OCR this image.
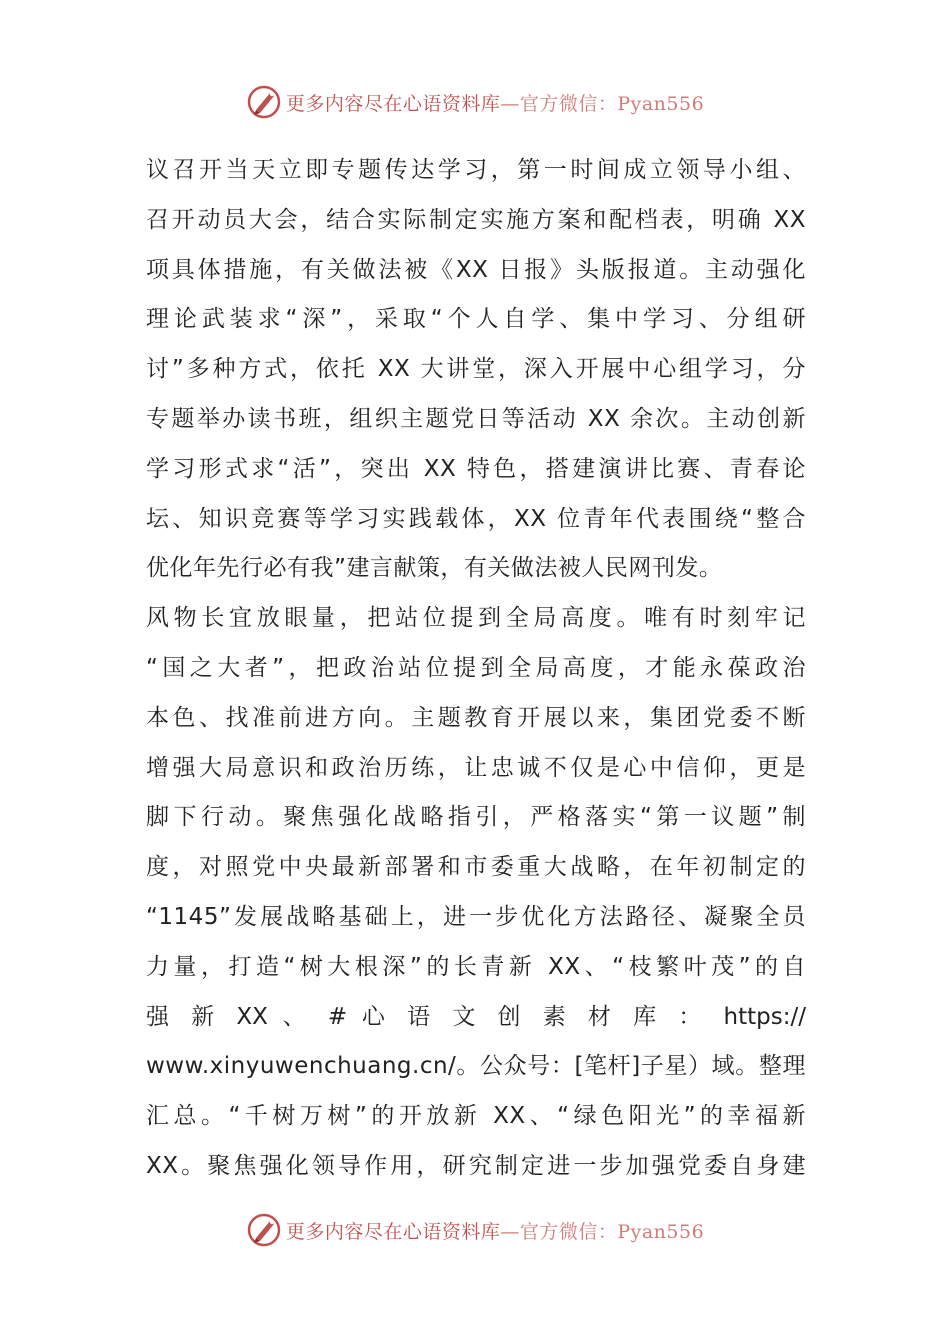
更多内容尽在心语资料库—官方微信：Pyan556
议召开当天立即专题传达学习，第一时间成立领导小组、
召开动员大会，结合实际制定实施方案和配档表，明确 XX
项具体措施，有关做法被《XX 日报》头版报道。主动强化
理论武装求“深”，采取“个人自学、集中学习、分组研
讨”多种方式，依托 XX 大讲堂，深入开展中心组学习，分
专题举办读书班，组织主题党日等活动 XX 余次。主动创新
学习形式求“活”，突出 XX 特色，搭建演讲比赛、青春论
坛、知识竞赛等学习实践载体，XX 位青年代表围绕“整合
优化年先行必有我”建言献策，有关做法被人民网刊发。
风物长宜放眼量，把站位提到全局高度。唯有时刻牢记
“国之大者”，把政治站位提到全局高度，才能永葆政治
本色、找准前进方向。主题教育开展以来，集团党委不断
增强大局意识和政治历练，让忠诚不仅是心中信仰，更是
脚下行动。聚焦强化战略指引，严格落实“第一议题”制
度，对照党中央最新部署和市委重大战略，在年初制定的
“1145”发展战略基础上，进一步优化方法路径、凝聚全员
力量，打造“树大根深”的长青新 XX、“枝繁叶茂”的自
强 新 XX 、 # 心 语 文 创 素 材 库 ： https://
www.xinyuwenchuang.cn/。公众号：[笔杆]子星）域。整理
汇总。“千树万树”的开放新 XX、“绿色阳光”的幸福新
XX。聚焦强化领导作用，研究制定进一步加强党委自身建
更多内容尽在心语资料库—官方微信：Pyan556
